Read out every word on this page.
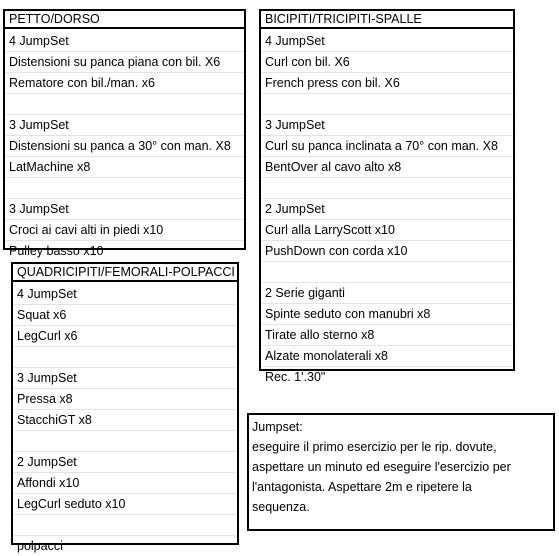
PETTO/DORSO
4 JumpSet
Distensioni su panca piana con bil. X6
Rematore con bil./man. x6
3 JumpSet
Distensioni su panca a 30° con man. X8
LatMachine x8
3 JumpSet
Croci ai cavi alti in piedi x10
Pulley basso x10
BICIPITI/TRICIPITI-SPALLE
4 JumpSet
Curl con bil. X6
French press con bil. X6
3 JumpSet
Curl su panca inclinata a 70° con man. X8
BentOver al cavo alto x8
2 JumpSet
Curl alla LarryScott x10
PushDown con corda x10
2 Serie giganti
Spinte seduto con manubri x8
Tirate allo sterno x8
Alzate monolaterali x8
Rec. 1'.30"
QUADRICIPITI/FEMORALI-POLPACCI
4 JumpSet
Squat x6
LegCurl x6
3 JumpSet
Pressa x8
StacchiGT x8
2 JumpSet
Affondi x10
LegCurl seduto x10
polpacci
Jumpset:
eseguire il primo esercizio per le rip. dovute,
aspettare un minuto ed eseguire l'esercizio per
l'antagonista. Aspettare 2m e ripetere la
sequenza.
